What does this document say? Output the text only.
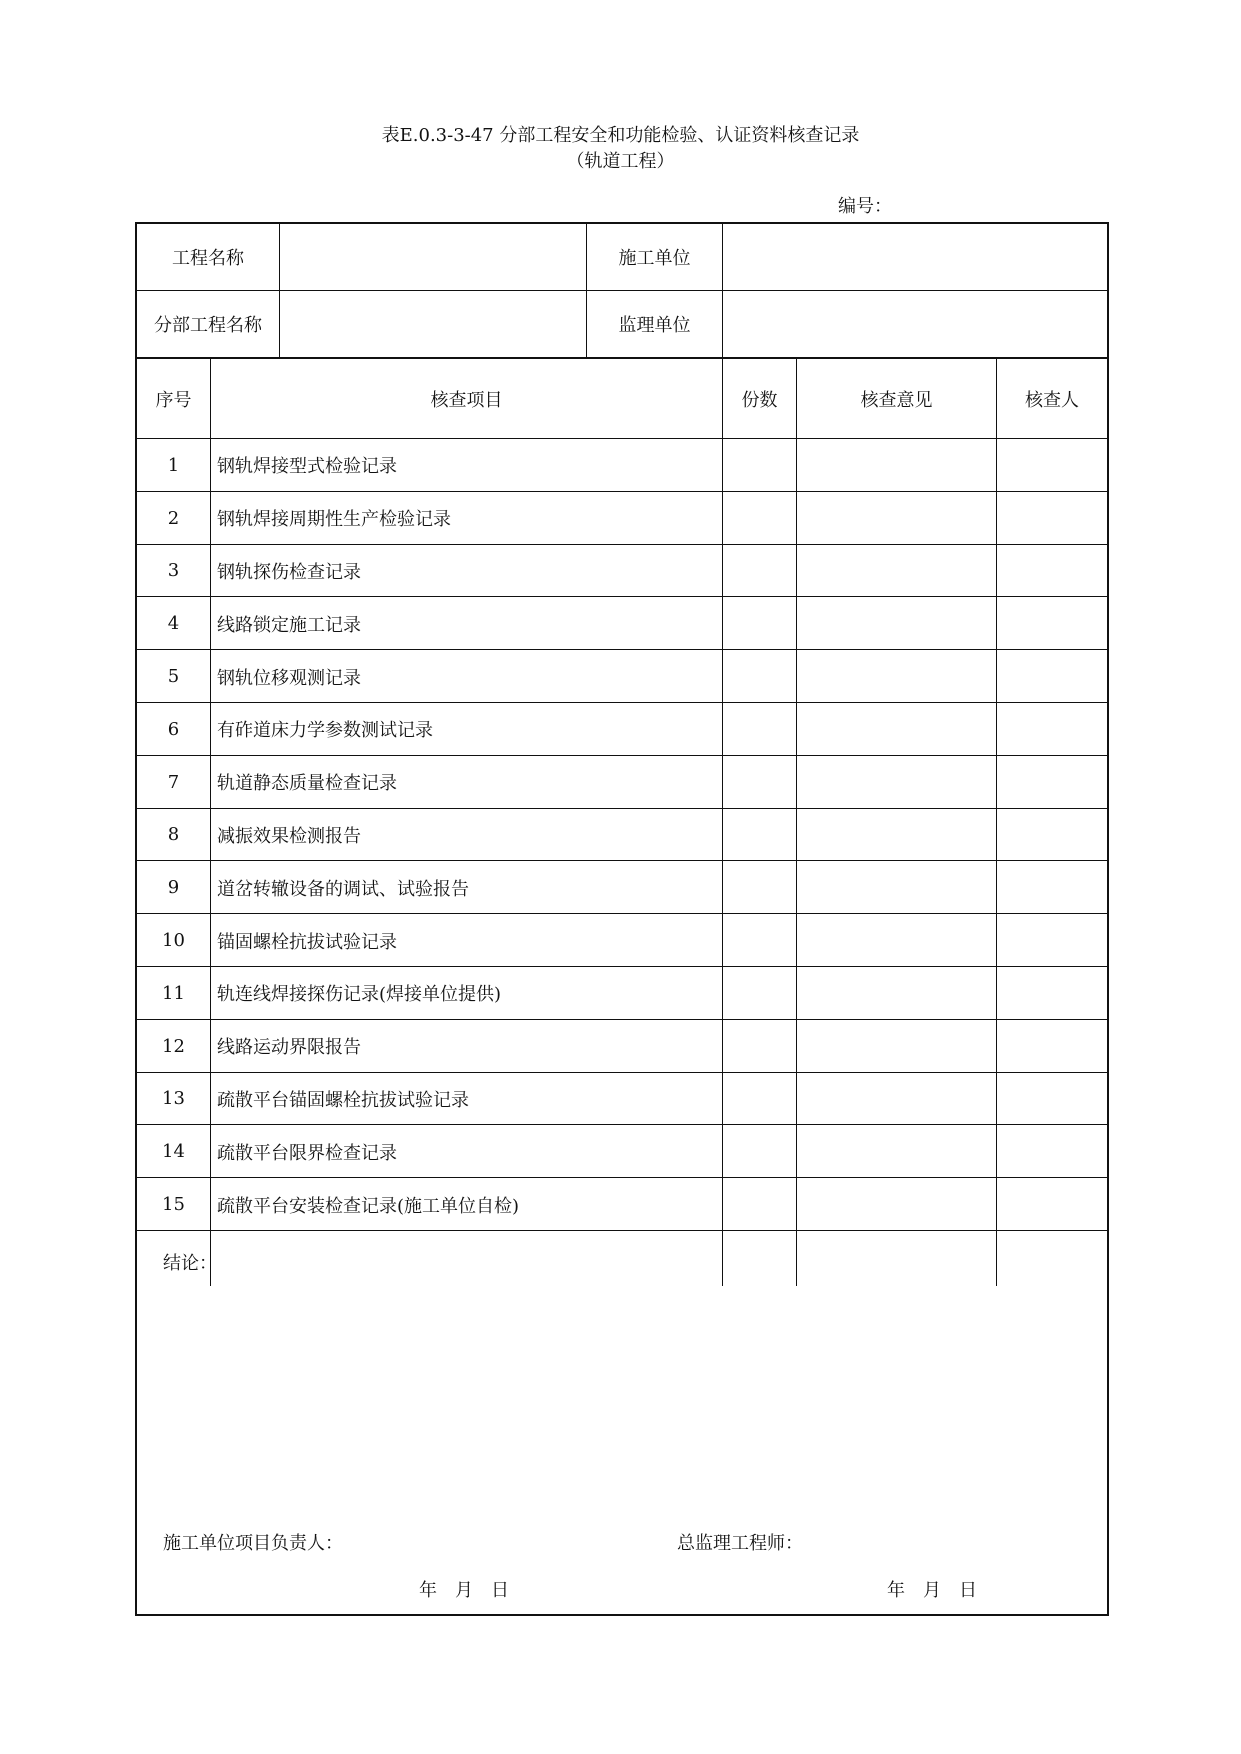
表E.0.3-3-47 分部工程安全和功能检验、认证资料核查记录
（轨道工程）
编号：
工程名称	施工单位
分部工程名称	监理单位
序号	核查项目	份数	核查意见	核查人
1	钢轨焊接型式检验记录
2	钢轨焊接周期性生产检验记录
3	钢轨探伤检查记录
4	线路锁定施工记录
5	钢轨位移观测记录
6	有砟道床力学参数测试记录
7	轨道静态质量检查记录
8	减振效果检测报告
9	道岔转辙设备的调试、试验报告
10	锚固螺栓抗拔试验记录
11	轨连线焊接探伤记录(焊接单位提供)
12	线路运动界限报告
13	疏散平台锚固螺栓抗拔试验记录
14	疏散平台限界检查记录
15	疏散平台安装检查记录(施工单位自检)
结论：
施工单位项目负责人：	总监理工程师：
年　月　日	年　月　日
